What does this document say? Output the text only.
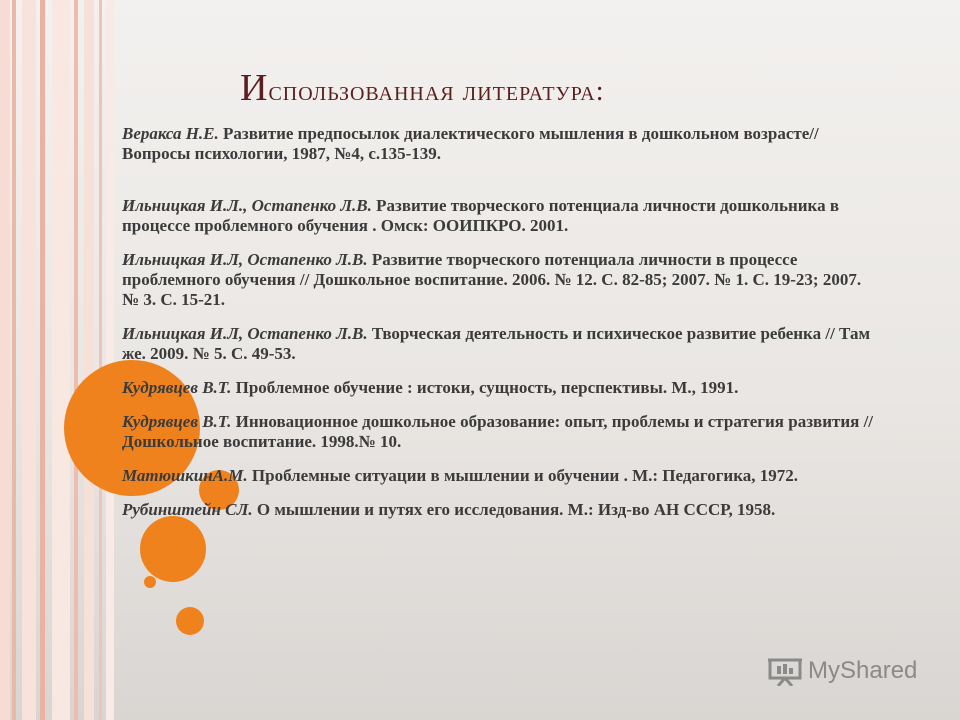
Использованная литература:

Веракса Н.Е. Развитие предпосылок диалектического мышления в дошкольном возрасте// Вопросы психологии, 1987, №4, с.135-139.

Ильницкая И.Л., Остапенко Л.В. Развитие творческого потенциала личности дошкольника в процессе проблемного обучения . Омск: ООИПКРО. 2001.

Ильницкая И.Л, Остапенко Л.В. Развитие творческого потенциала личности в процессе проблемного обучения // Дошкольное воспитание. 2006. № 12. С. 82-85; 2007. № 1. С. 19-23; 2007. № 3. С. 15-21.

Ильницкая И.Л, Остапенко Л.В. Творческая деятельность и психическое развитие ребенка // Там же. 2009. № 5. С. 49-53.

Кудрявцев В.Т. Проблемное обучение : истоки, сущность, перспективы. М., 1991.

Кудрявцев В.Т. Инновационное дошкольное образование: опыт, проблемы и стратегия развития // Дошкольное воспитание. 1998.№ 10.

МатюшкинА.М. Проблемные ситуации в мышлении и обучении . М.: Педагогика, 1972.

Рубинштейн СЛ. О мышлении и путях его исследования. М.: Изд-во АН СССР, 1958.

MyShared
